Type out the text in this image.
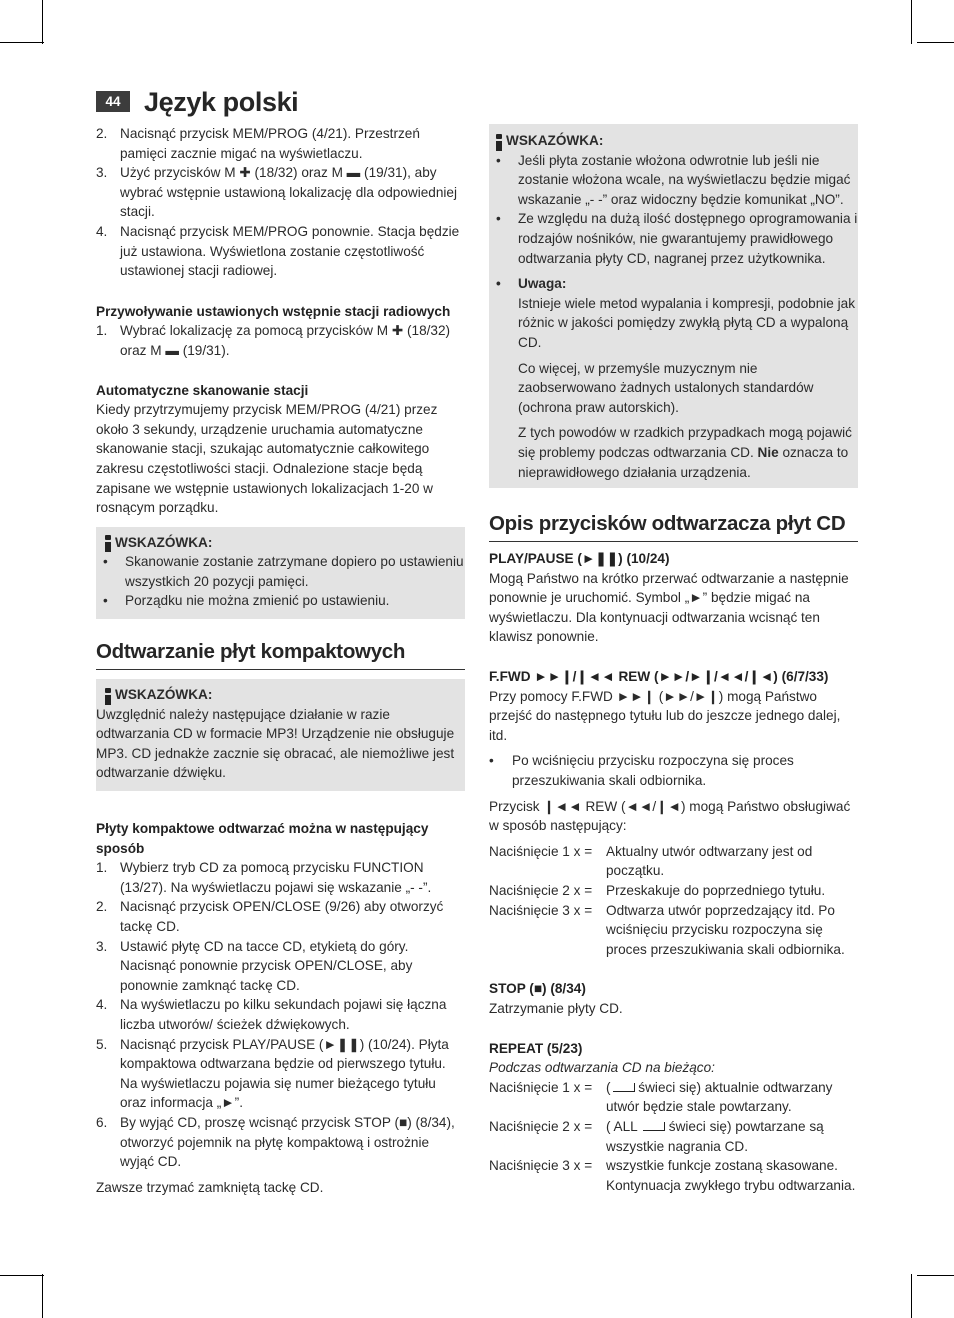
44 Język polski
2. Nacisnąć przycisk MEM/PROG (4/21). Przestrzeń pamięci zacznie migać na wyświetlaczu.
3. Użyć przycisków M ✚ (18/32) oraz M ▬ (19/31), aby wybrać wstępnie ustawioną lokalizację dla odpowiedniej stacji.
4. Nacisnąć przycisk MEM/PROG ponownie. Stacja będzie już ustawiona. Wyświetlona zostanie częstotliwość ustawionej stacji radiowej.
Przywoływanie ustawionych wstępnie stacji radiowych
1. Wybrać lokalizację za pomocą przycisków M ✚ (18/32) oraz M ▬ (19/31).
Automatyczne skanowanie stacji

Kiedy przytrzymujemy przycisk MEM/PROG (4/21) przez około 3 sekundy, urządzenie uruchamia automatyczne skanowanie stacji, szukając automatycznie całkowitego zakresu częstotliwości stacji. Odnalezione stacje będą zapisane we wstępnie ustawionych lokalizacjach 1-20 w rosnącym porządku.

WSKAZÓWKA:
• Skanowanie zostanie zatrzymane dopiero po ustawieniu wszystkich 20 pozycji pamięci.
• Porządku nie można zmienić po ustawieniu.
Odtwarzanie płyt kompaktowych
WSKAZÓWKA:
Uwzględnić należy następujące działanie w razie odtwarzania CD w formacie MP3! Urządzenie nie obsługuje MP3. CD jednakże zacznie się obracać, ale niemożliwe jest odtwarzanie dźwięku.
Płyty kompaktowe odtwarzać można w następujący sposób
1. Wybierz tryb CD za pomocą przycisku FUNCTION (13/27). Na wyświetlaczu pojawi się wskazanie „- -”.
2. Nacisnąć przycisk OPEN/CLOSE (9/26) aby otworzyć tackę CD.
3. Ustawić płytę CD na tacce CD, etykietą do góry. Nacisnąć ponownie przycisk OPEN/CLOSE, aby ponownie zamknąć tackę CD.
4. Na wyświetlaczu po kilku sekundach pojawi się łączna liczba utworów/ ścieżek dźwiękowych.
5. Nacisnąć przycisk PLAY/PAUSE (►❚❚) (10/24). Płyta kompaktowa odtwarzana będzie od pierwszego tytułu. Na wyświetlaczu pojawia się numer bieżącego tytułu oraz informacja „►”.
6. By wyjąć CD, proszę wcisnąć przycisk STOP (■) (8/34), otworzyć pojemnik na płytę kompaktową i ostrożnie wyjąć CD.

Zawsze trzymać zamkniętą tackę CD.

WSKAZÓWKA:
• Jeśli płyta zostanie włożona odwrotnie lub jeśli nie zostanie włożona wcale, na wyświetlaczu będzie migać wskazanie „- -” oraz widoczny będzie komunikat „NO”.
• Ze względu na dużą ilość dostępnego oprogramowania i rodzajów nośników, nie gwarantujemy prawidłowego odtwarzania płyty CD, nagranej przez użytkownika.
• Uwaga:
Istnieje wiele metod wypalania i kompresji, podobnie jak różnic w jakości pomiędzy zwykłą płytą CD a wypaloną CD.
Co więcej, w przemyśle muzycznym nie zaobserwowano żadnych ustalonych standardów (ochrona praw autorskich).
Z tych powodów w rzadkich przypadkach mogą pojawić się problemy podczas odtwarzania CD. Nie oznacza to nieprawidłowego działania urządzenia.
Opis przycisków odtwarzacza płyt CD
PLAY/PAUSE (►❚❚) (10/24)

Mogą Państwo na krótko przerwać odtwarzanie a następnie ponownie je uruchomić. Symbol „►” będzie migać na wyświetlaczu. Dla kontynuacji odtwarzania wcisnąć ten klawisz ponownie.

F.FWD ►►❙/❙◄◄ REW (►►/►❙/◄◄/❙◄) (6/7/33)

Przy pomocy F.FWD ►►❙ (►►/►❙) mogą Państwo przejść do następnego tytułu lub do jeszcze jednego dalej, itd.

• Po wciśnięciu przycisku rozpoczyna się proces przeszukiwania skali odbiornika.

Przycisk ❙◄◄ REW (◄◄/❙◄) mogą Państwo obsługiwać w sposób następujący:

Naciśnięcie 1 x =	Aktualny utwór odtwarzany jest od początku.
Naciśnięcie 2 x =	Przeskakuje do poprzedniego tytułu.
Naciśnięcie 3 x =	Odtwarza utwór poprzedzający itd. Po wciśnięciu przycisku rozpoczyna się proces przeszukiwania skali odbiornika.
STOP (■) (8/34)

Zatrzymanie płyty CD.

REPEAT (5/23)

Podczas odtwarzania CD na bieżąco:

Naciśnięcie 1 x =	( świeci się) aktualnie odtwarzany utwór będzie stale powtarzany.
Naciśnięcie 2 x =	( ALL  świeci się) powtarzane są wszystkie nagrania CD.
Naciśnięcie 3 x =	wszystkie funkcje zostaną skasowane. Kontynuacja zwykłego trybu odtwarzania.
